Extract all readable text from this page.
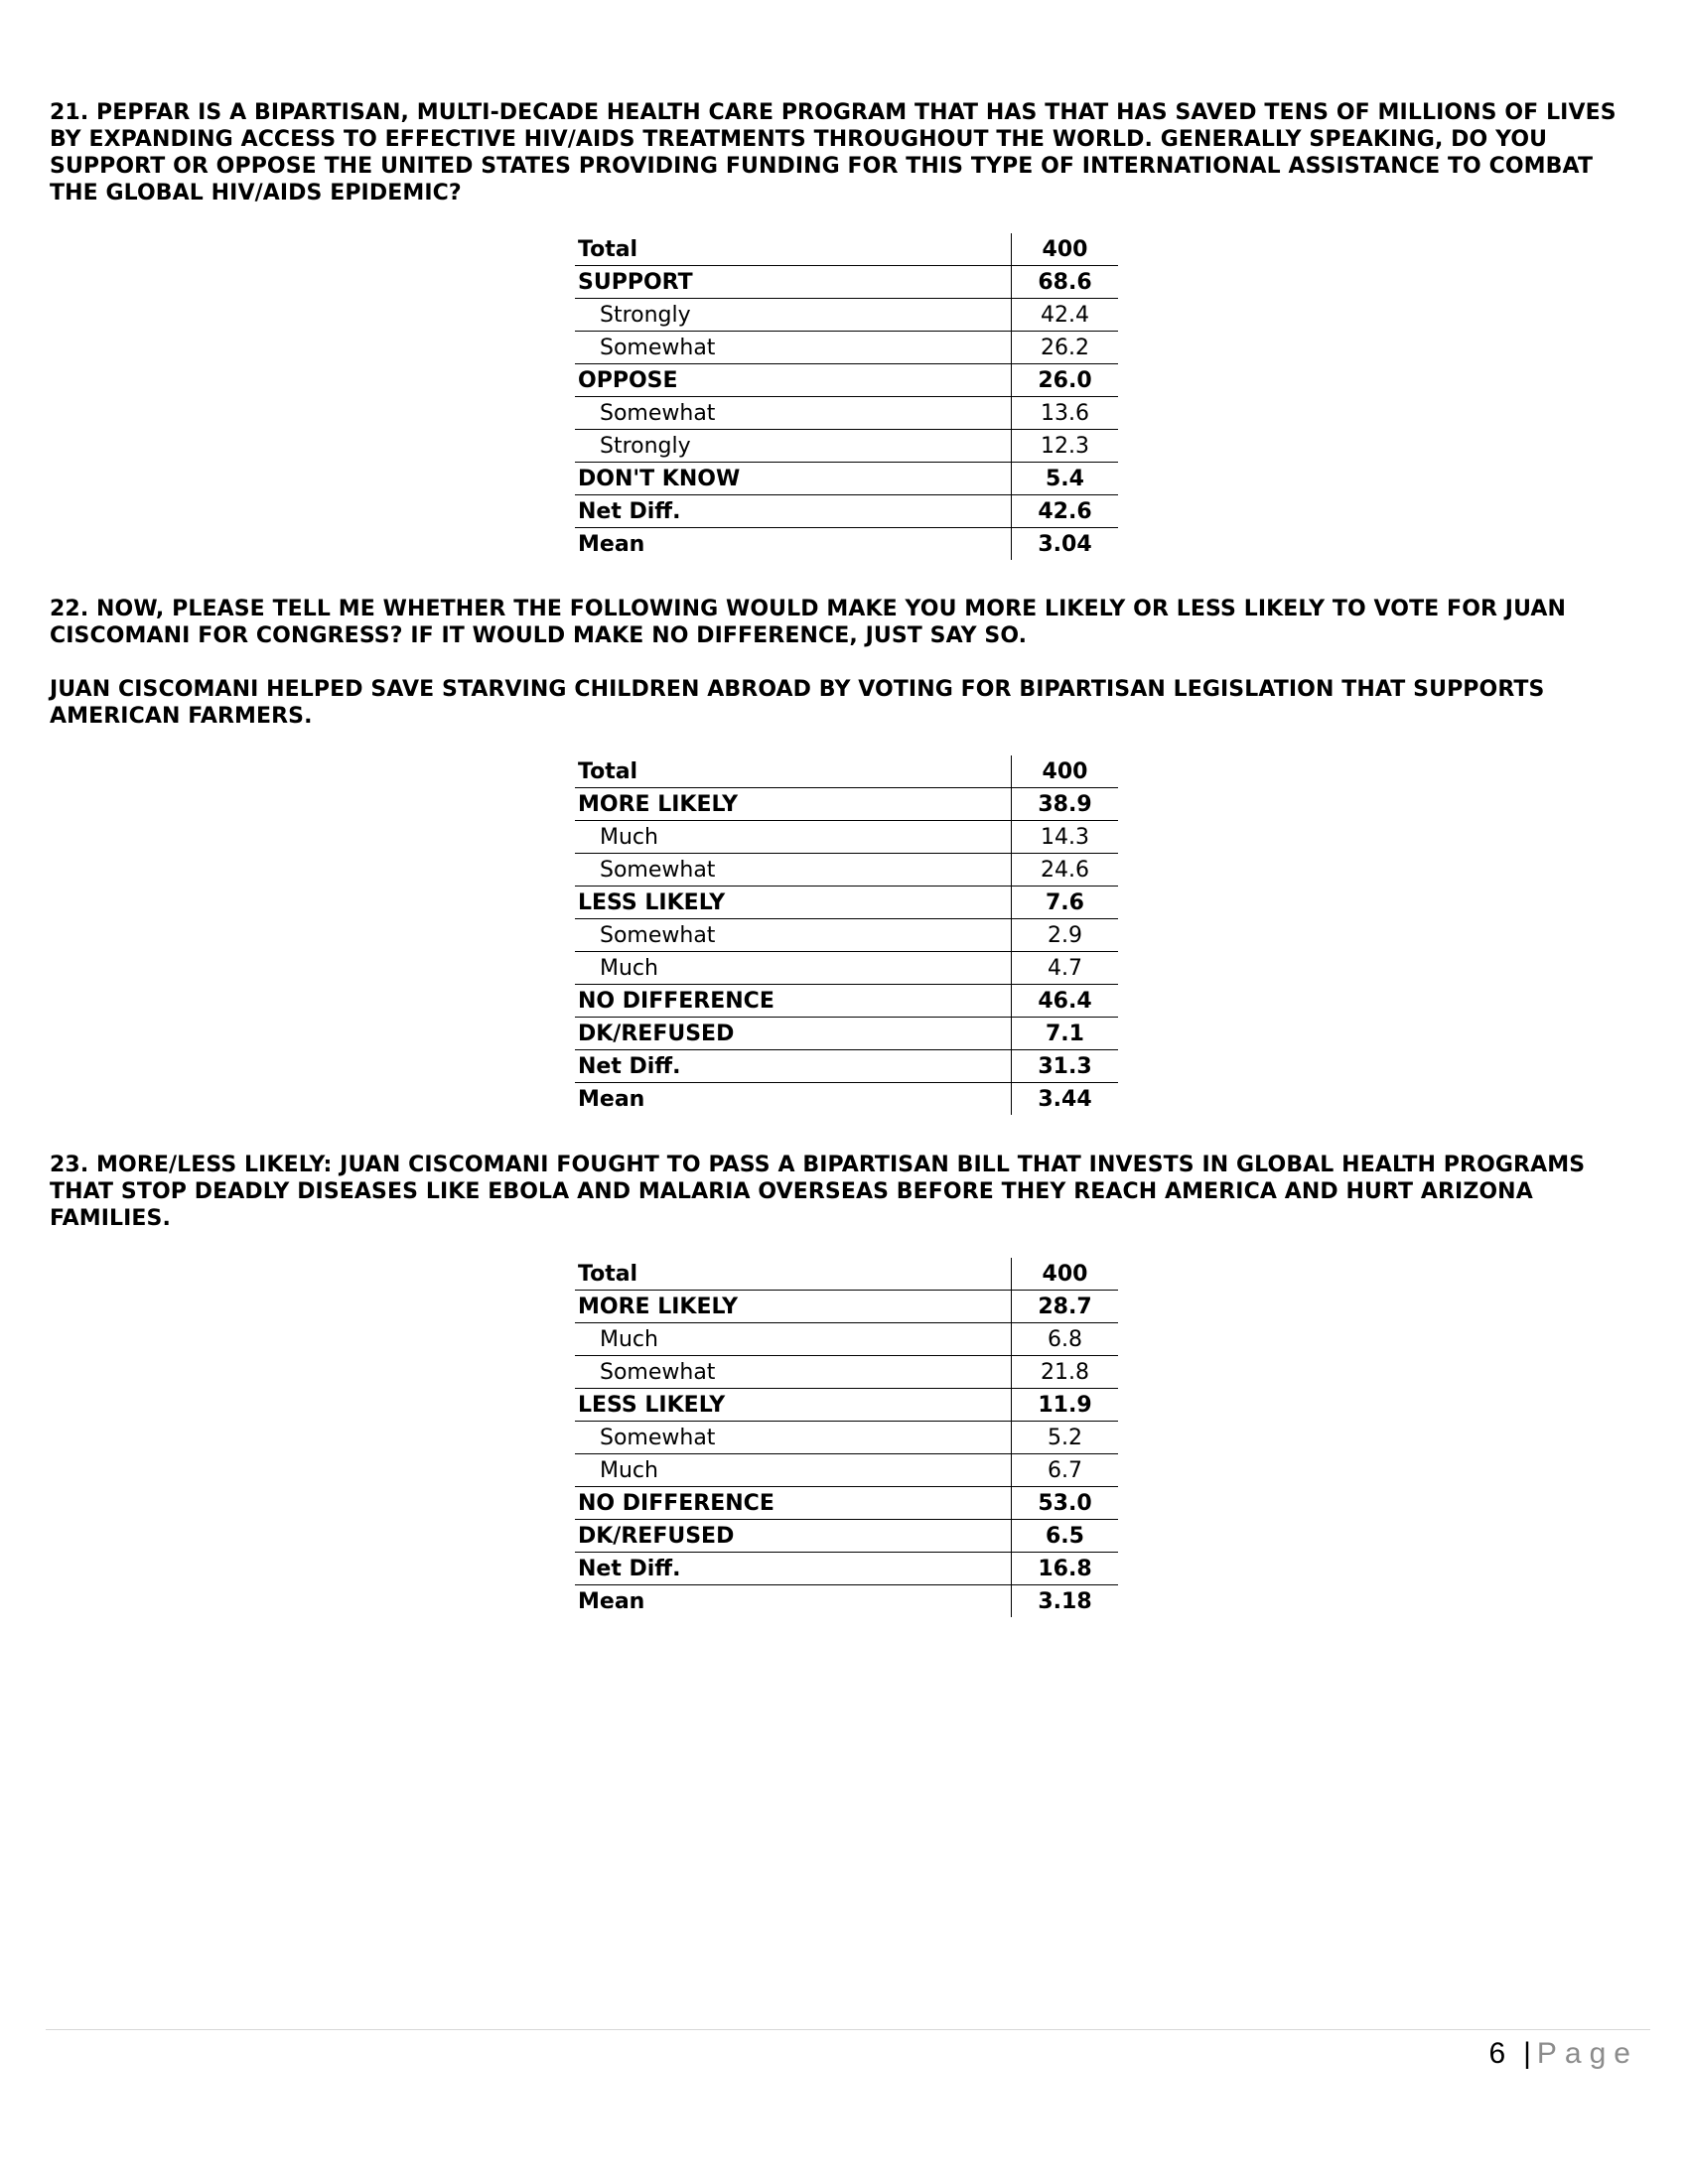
21. PEPFAR IS A BIPARTISAN, MULTI-DECADE HEALTH CARE PROGRAM THAT HAS THAT HAS SAVED TENS OF MILLIONS OF LIVES BY EXPANDING ACCESS TO EFFECTIVE HIV/AIDS TREATMENTS THROUGHOUT THE WORLD. GENERALLY SPEAKING, DO YOU SUPPORT OR OPPOSE THE UNITED STATES PROVIDING FUNDING FOR THIS TYPE OF INTERNATIONAL ASSISTANCE TO COMBAT THE GLOBAL HIV/AIDS EPIDEMIC?
Total	400
SUPPORT	68.6
Strongly	42.4
Somewhat	26.2
OPPOSE	26.0
Somewhat	13.6
Strongly	12.3
DON'T KNOW	5.4
Net Diff.	42.6
Mean	3.04
22. NOW, PLEASE TELL ME WHETHER THE FOLLOWING WOULD MAKE YOU MORE LIKELY OR LESS LIKELY TO VOTE FOR JUAN CISCOMANI FOR CONGRESS? IF IT WOULD MAKE NO DIFFERENCE, JUST SAY SO.
JUAN CISCOMANI HELPED SAVE STARVING CHILDREN ABROAD BY VOTING FOR BIPARTISAN LEGISLATION THAT SUPPORTS AMERICAN FARMERS.
Total	400
MORE LIKELY	38.9
Much	14.3
Somewhat	24.6
LESS LIKELY	7.6
Somewhat	2.9
Much	4.7
NO DIFFERENCE	46.4
DK/REFUSED	7.1
Net Diff.	31.3
Mean	3.44
23. MORE/LESS LIKELY: JUAN CISCOMANI FOUGHT TO PASS A BIPARTISAN BILL THAT INVESTS IN GLOBAL HEALTH PROGRAMS THAT STOP DEADLY DISEASES LIKE EBOLA AND MALARIA OVERSEAS BEFORE THEY REACH AMERICA AND HURT ARIZONA FAMILIES.
Total	400
MORE LIKELY	28.7
Much	6.8
Somewhat	21.8
LESS LIKELY	11.9
Somewhat	5.2
Much	6.7
NO DIFFERENCE	53.0
DK/REFUSED	6.5
Net Diff.	16.8
Mean	3.18
6 | Page
